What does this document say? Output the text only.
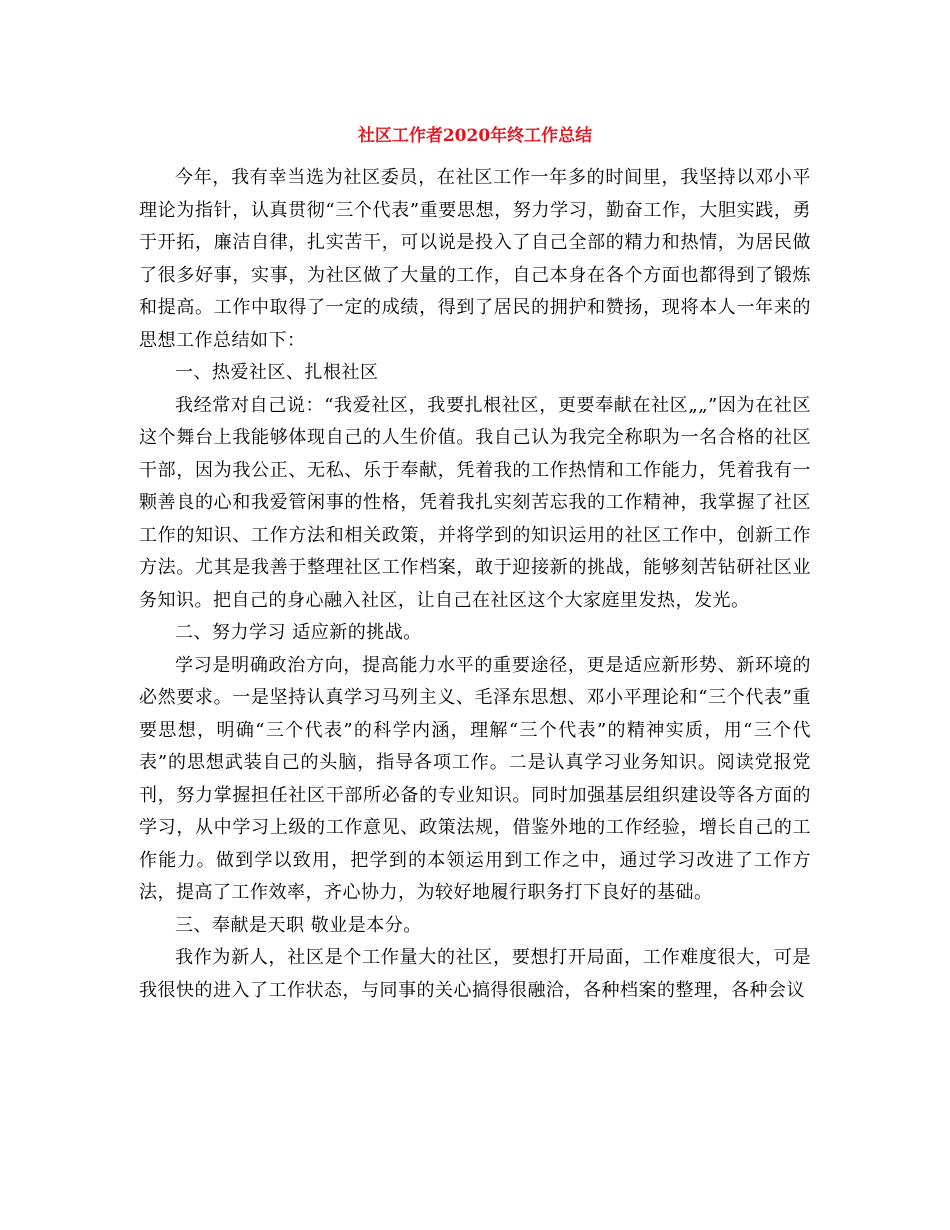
社区工作者2020年终工作总结

今年，我有幸当选为社区委员，在社区工作一年多的时间里，我坚持以邓小平理论为指针，认真贯彻“三个代表”重要思想，努力学习，勤奋工作，大胆实践，勇于开拓，廉洁自律，扎实苦干，可以说是投入了自己全部的精力和热情，为居民做了很多好事，实事，为社区做了大量的工作，自己本身在各个方面也都得到了锻炼和提高。工作中取得了一定的成绩，得到了居民的拥护和赞扬，现将本人一年来的思想工作总结如下：

一、热爱社区、扎根社区

我经常对自己说：“我爱社区，我要扎根社区，更要奉献在社区„„”因为在社区这个舞台上我能够体现自己的人生价值。我自己认为我完全称职为一名合格的社区干部，因为我公正、无私、乐于奉献，凭着我的工作热情和工作能力，凭着我有一颗善良的心和我爱管闲事的性格，凭着我扎实刻苦忘我的工作精神，我掌握了社区工作的知识、工作方法和相关政策，并将学到的知识运用的社区工作中，创新工作方法。尤其是我善于整理社区工作档案，敢于迎接新的挑战，能够刻苦钻研社区业务知识。把自己的身心融入社区，让自己在社区这个大家庭里发热，发光。

二、努力学习 适应新的挑战。

学习是明确政治方向，提高能力水平的重要途径，更是适应新形势、新环境的必然要求。一是坚持认真学习马列主义、毛泽东思想、邓小平理论和“三个代表”重要思想，明确“三个代表”的科学内涵，理解“三个代表”的精神实质，用“三个代表”的思想武装自己的头脑，指导各项工作。二是认真学习业务知识。阅读党报党刊，努力掌握担任社区干部所必备的专业知识。同时加强基层组织建设等各方面的学习，从中学习上级的工作意见、政策法规，借鉴外地的工作经验，增长自己的工作能力。做到学以致用，把学到的本领运用到工作之中，通过学习改进了工作方法，提高了工作效率，齐心协力，为较好地履行职务打下良好的基础。

三、奉献是天职 敬业是本分。

我作为新人，社区是个工作量大的社区，要想打开局面，工作难度很大，可是我很快的进入了工作状态，与同事的关心搞得很融洽，各种档案的整理，各种会议
